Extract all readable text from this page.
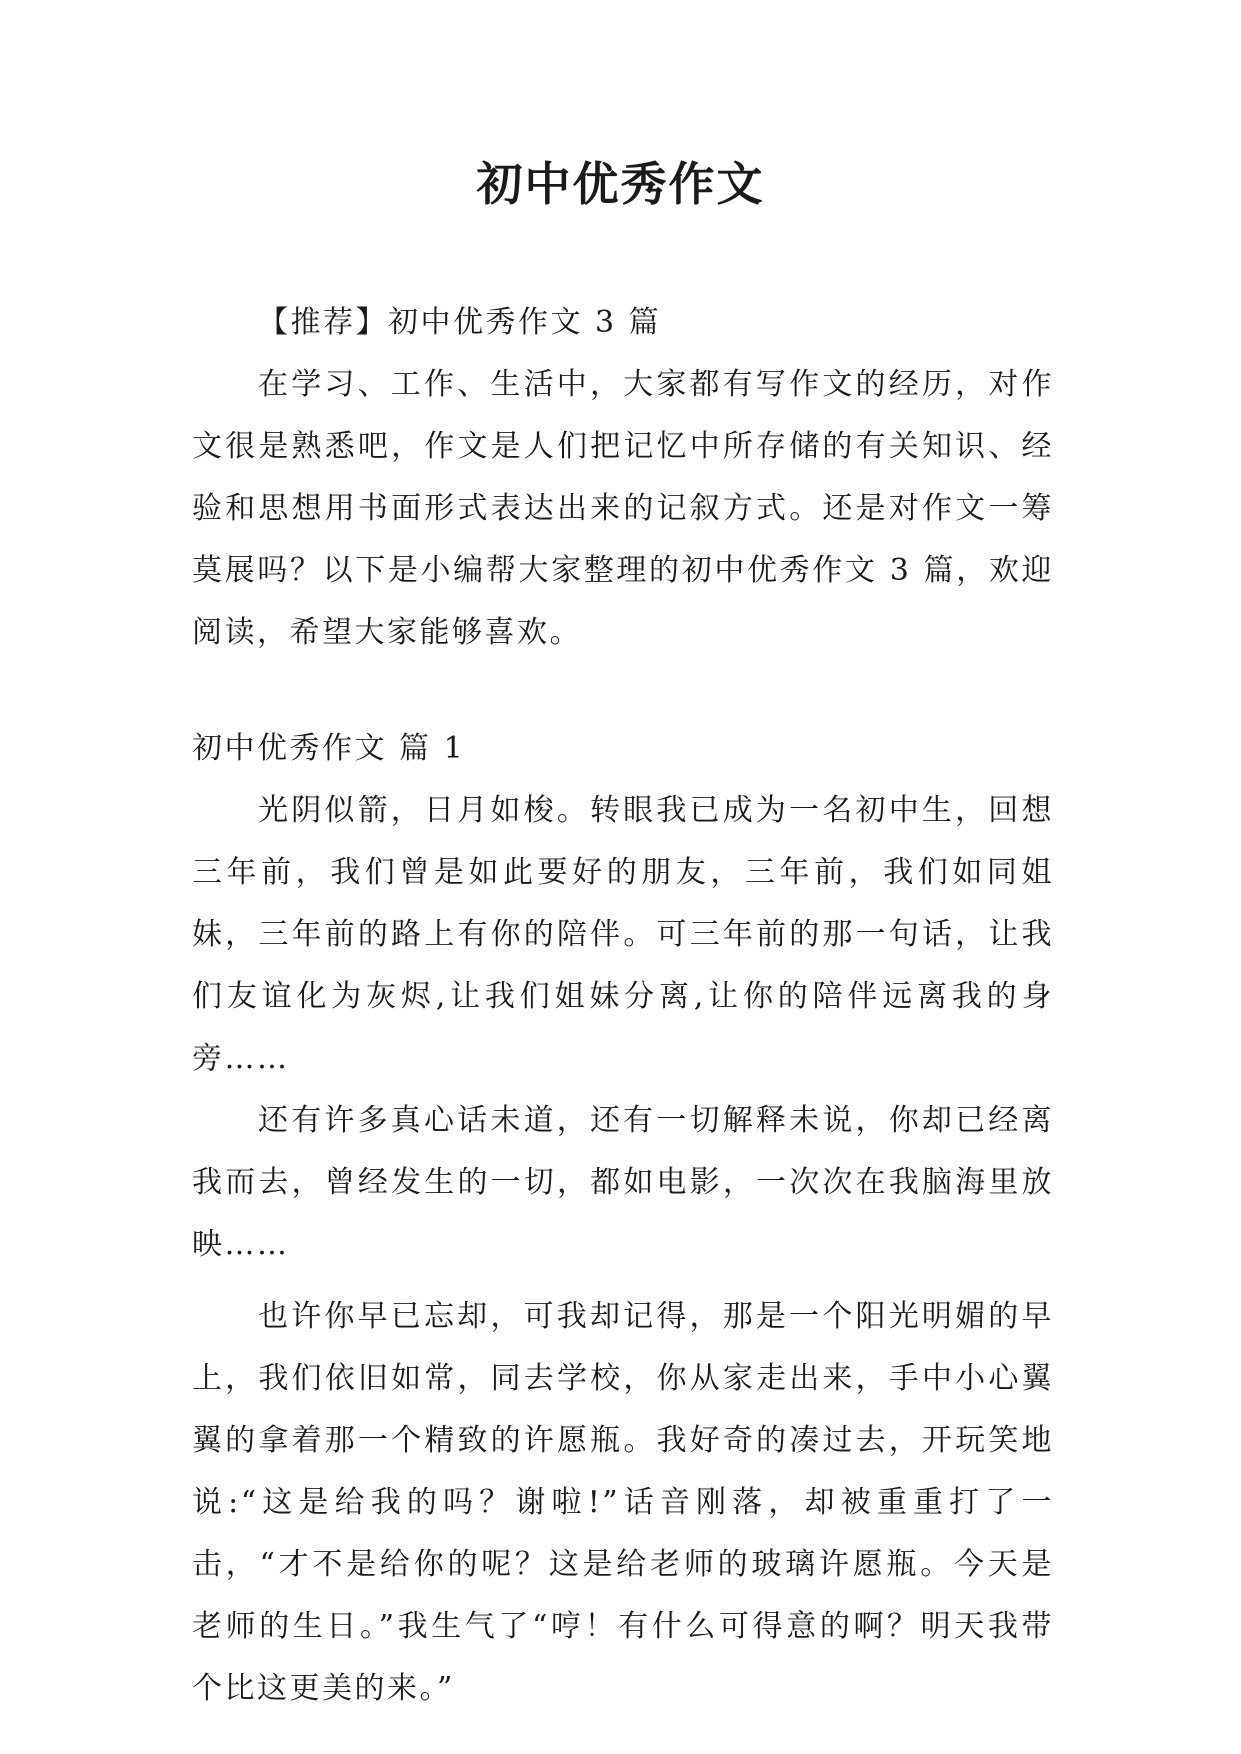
初中优秀作文

【推荐】初中优秀作文 3 篇

在学习、工作、生活中，大家都有写作文的经历，对作文很是熟悉吧，作文是人们把记忆中所存储的有关知识、经验和思想用书面形式表达出来的记叙方式。还是对作文一筹莫展吗？以下是小编帮大家整理的初中优秀作文 3 篇，欢迎阅读，希望大家能够喜欢。

初中优秀作文 篇 1

光阴似箭，日月如梭。转眼我已成为一名初中生，回想三年前，我们曾是如此要好的朋友，三年前，我们如同姐妹，三年前的路上有你的陪伴。可三年前的那一句话，让我们友谊化为灰烬,让我们姐妹分离,让你的陪伴远离我的身旁……

还有许多真心话未道，还有一切解释未说，你却已经离我而去，曾经发生的一切，都如电影，一次次在我脑海里放映……

也许你早已忘却，可我却记得，那是一个阳光明媚的早上，我们依旧如常，同去学校，你从家走出来，手中小心翼翼的拿着那一个精致的许愿瓶。我好奇的凑过去，开玩笑地说:“这是给我的吗？谢啦!”话音刚落，却被重重打了一击，“才不是给你的呢？这是给老师的玻璃许愿瓶。今天是老师的生日。”我生气了“哼！有什么可得意的啊？明天我带个比这更美的来。”
